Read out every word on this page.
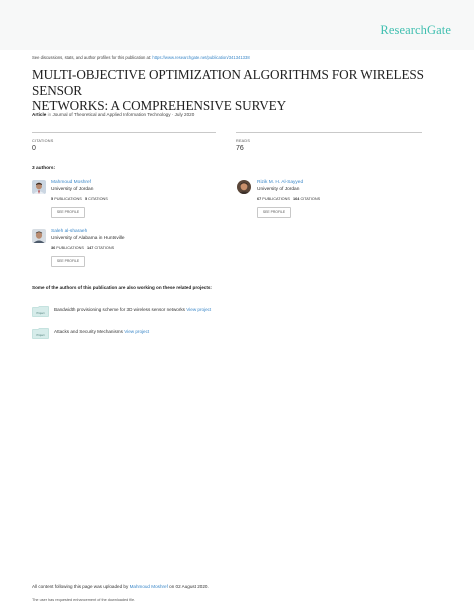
ResearchGate
See discussions, stats, and author profiles for this publication at: https://www.researchgate.net/publication/341341338
MULTI-OBJECTIVE OPTIMIZATION ALGORITHMS FOR WIRELESS SENSOR
NETWORKS: A COMPREHENSIVE SURVEY
Article in Journal of Theoretical and Applied Information Technology · July 2020
CITATIONS
0
READS
76
3 authors:
Mahmoud Moshref
University of Jordan
5 PUBLICATIONS 5 CITATIONS
SEE PROFILE
Rizik M. H. Al-Sayyed
University of Jordan
67 PUBLICATIONS 164 CITATIONS
SEE PROFILE
Saleh al-sharaeh
University of Alabama in Huntsville
36 PUBLICATIONS 147 CITATIONS
SEE PROFILE
Some of the authors of this publication are also working on these related projects:
Project
Bandwidth provisioning scheme for 3D wireless sensor networks View project
Project
Attacks and Security Mechanisms View project
All content following this page was uploaded by Mahmoud Moshref on 02 August 2020.
The user has requested enhancement of the downloaded file.
